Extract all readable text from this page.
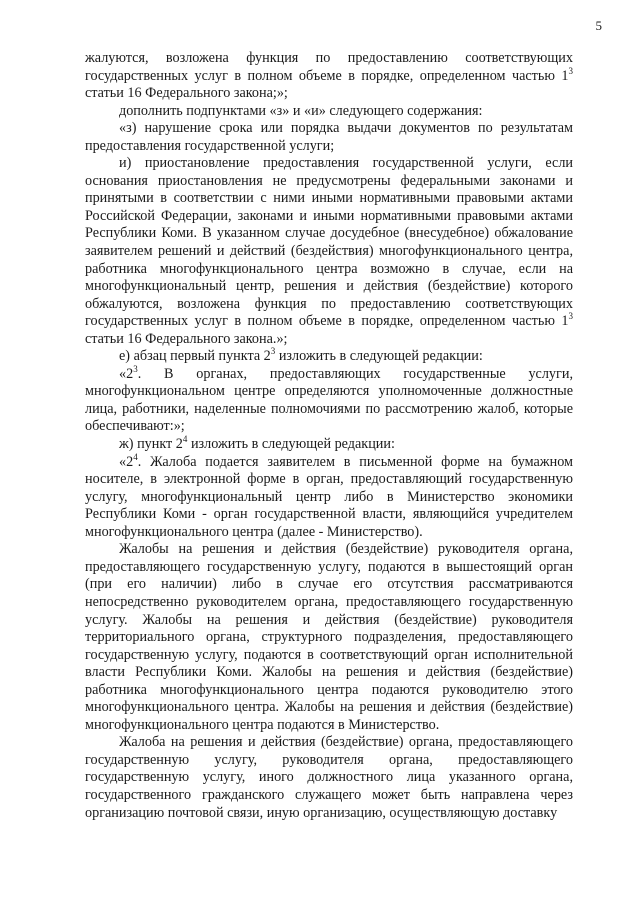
5

жалуются, возложена функция по предоставлению соответствующих государственных услуг в полном объеме в порядке, определенном частью $1^3$ статьи 16 Федерального закона;»;

дополнить подпунктами «з» и «и» следующего содержания:

«з) нарушение срока или порядка выдачи документов по результатам предоставления государственной услуги;

и) приостановление предоставления государственной услуги, если основания приостановления не предусмотрены федеральными законами и принятыми в соответствии с ними иными нормативными правовыми актами Российской Федерации, законами и иными нормативными правовыми актами Республики Коми. В указанном случае досудебное (внесудебное) обжалование заявителем решений и действий (бездействия) многофункционального центра, работника многофункционального центра возможно в случае, если на многофункциональный центр, решения и действия (бездействие) которого обжалуются, возложена функция по предоставлению соответствующих государственных услуг в полном объеме в порядке, определенном частью $1^3$ статьи 16 Федерального закона.»;

е) абзац первый пункта $2^3$ изложить в следующей редакции:

«$2^3$. В органах, предоставляющих государственные услуги, многофункциональном центре определяются уполномоченные должностные лица, работники, наделенные полномочиями по рассмотрению жалоб, которые обеспечивают:»;

ж) пункт $2^4$ изложить в следующей редакции:

«$2^4$. Жалоба подается заявителем в письменной форме на бумажном носителе, в электронной форме в орган, предоставляющий государственную услугу, многофункциональный центр либо в Министерство экономики Республики Коми - орган государственной власти, являющийся учредителем многофункционального центра (далее - Министерство).

Жалобы на решения и действия (бездействие) руководителя органа, предоставляющего государственную услугу, подаются в вышестоящий орган (при его наличии) либо в случае его отсутствия рассматриваются непосредственно руководителем органа, предоставляющего государственную услугу. Жалобы на решения и действия (бездействие) руководителя территориального органа, структурного подразделения, предоставляющего государственную услугу, подаются в соответствующий орган исполнительной власти Республики Коми. Жалобы на решения и действия (бездействие) работника многофункционального центра подаются руководителю этого многофункционального центра. Жалобы на решения и действия (бездействие) многофункционального центра подаются в Министерство.

Жалоба на решения и действия (бездействие) органа, предоставляющего государственную услугу, руководителя органа, предоставляющего государственную услугу, иного должностного лица указанного органа, государственного гражданского служащего может быть направлена через организацию почтовой связи, иную организацию, осуществляющую доставку
